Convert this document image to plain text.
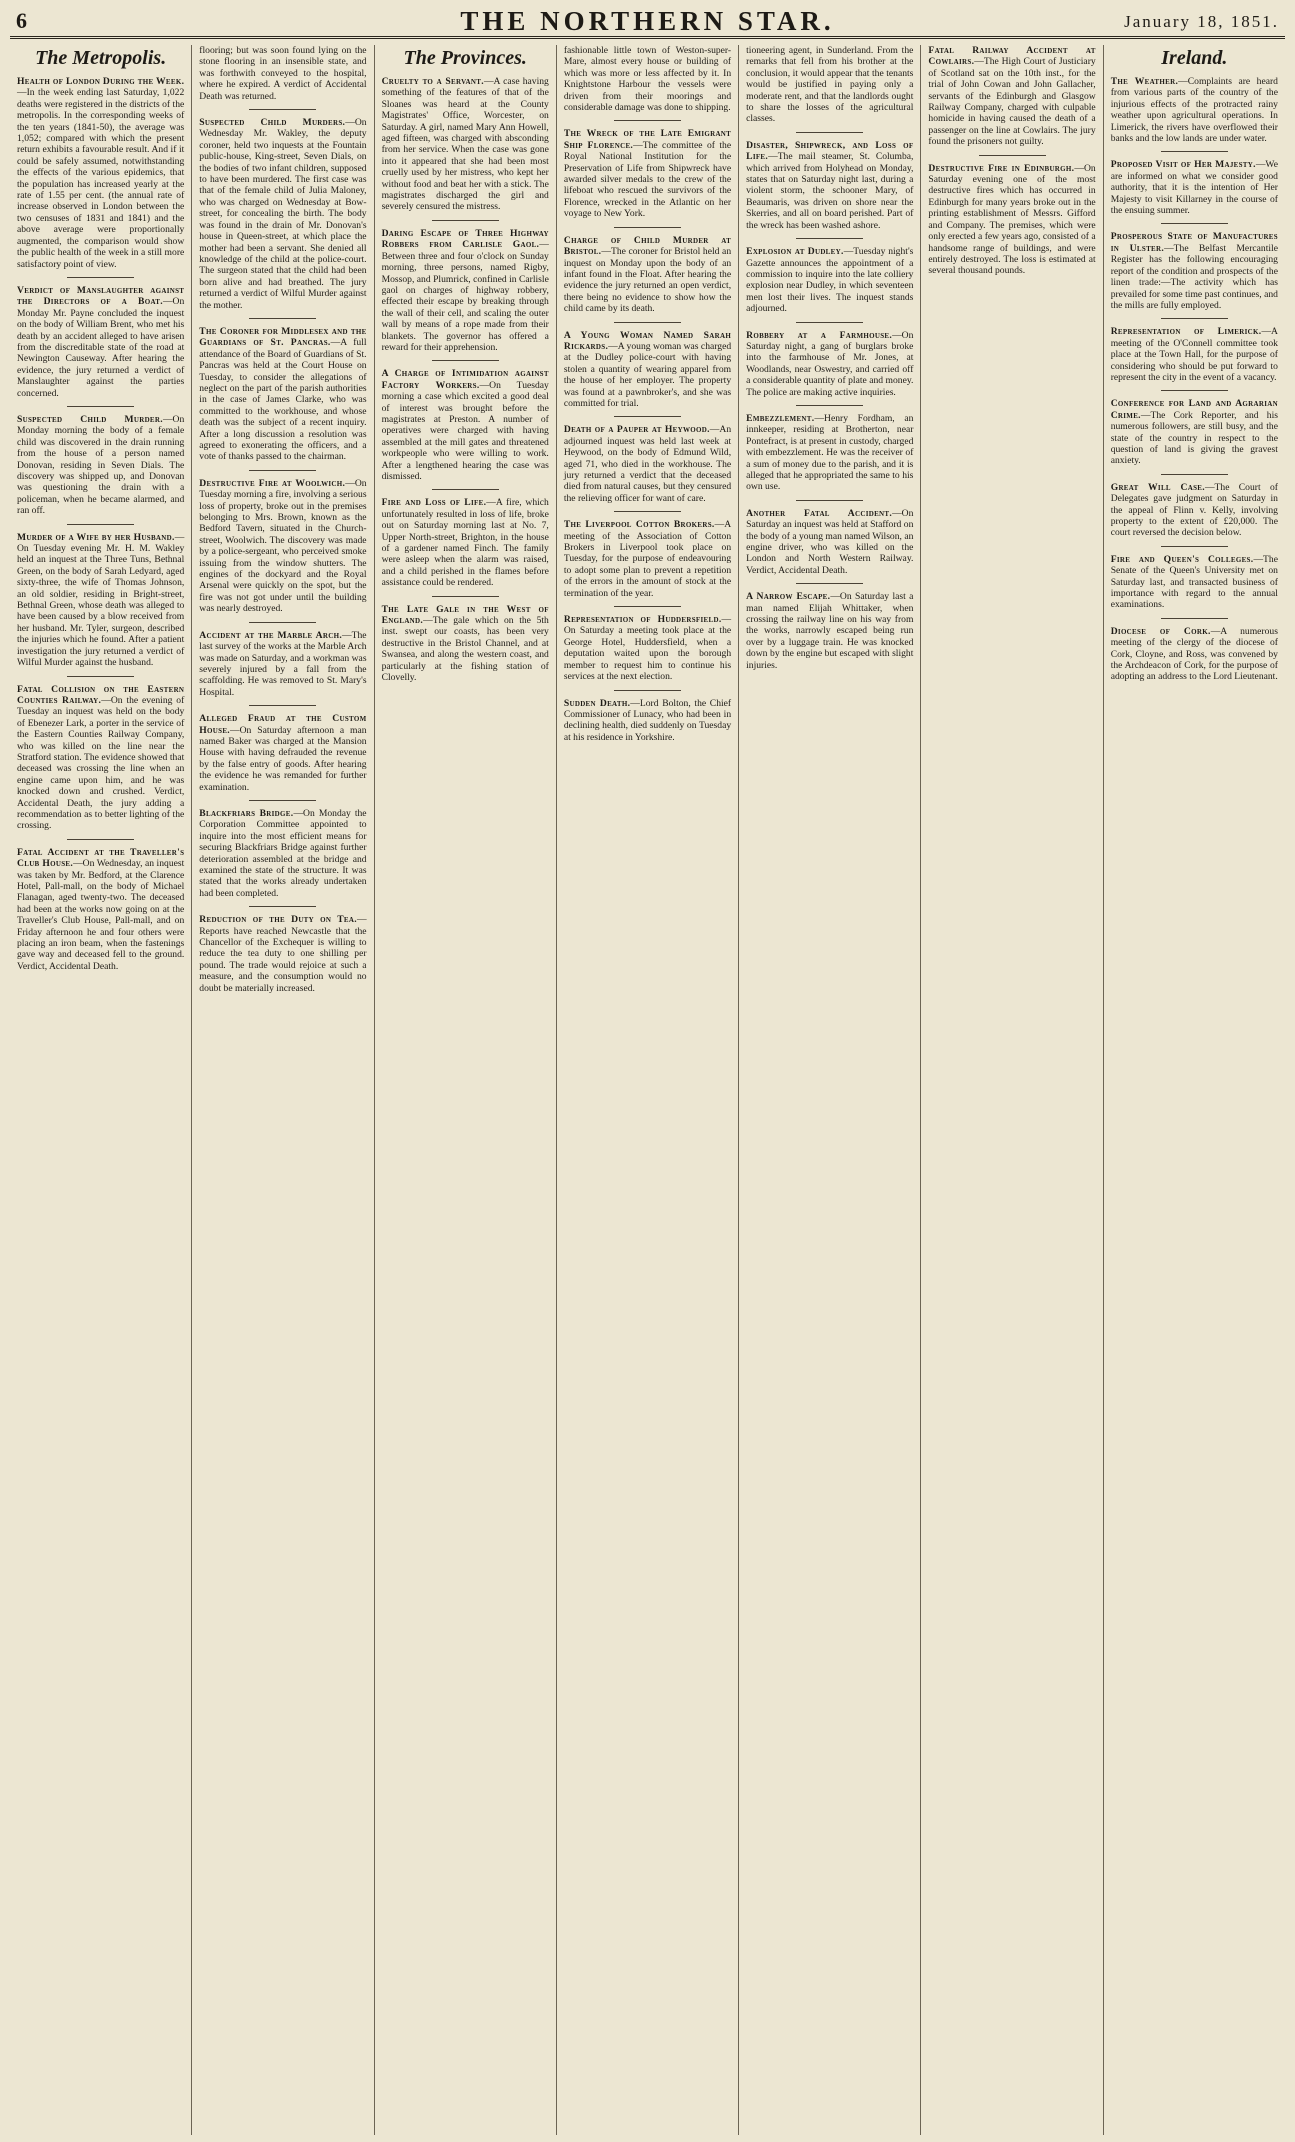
6	THE NORTHERN STAR.	January 18, 1851.
The Metropolis.

Health of London During the Week.—In the week ending last Saturday, 1,022 deaths were registered in the districts of the metropolis. In the corresponding weeks of the ten years (1841-50), the average was 1,052; compared with which the present return exhibits a favourable result. And if it could be safely assumed, notwithstanding the effects of the various epidemics, that the population has increased yearly at the rate of 1.55 per cent. (the annual rate of increase observed in London between the two censuses of 1831 and 1841) and the above average were proportionally augmented, the comparison would show the public health of the week in a still more satisfactory point of view.

Verdict of Manslaughter against the Directors of a Boat.—On Monday Mr. Payne concluded the inquest on the body of William Brent, who met his death by an accident alleged to have arisen from the discreditable state of the road at Newington Causeway. After hearing the evidence, the jury returned a verdict of Manslaughter against the parties concerned.

Suspected Child Murder.—On Monday morning the body of a female child was discovered in the drain running from the house of a person named Donovan, residing in Seven Dials. The discovery was shipped up, and Donovan was questioning the drain with a policeman, when he became alarmed, and ran off.

Murder of a Wife by her Husband.—On Tuesday evening Mr. H. M. Wakley held an inquest at the Three Tuns, Bethnal Green, on the body of Sarah Ledyard, aged sixty-three, the wife of Thomas Johnson, an old soldier, residing in Bright-street, Bethnal Green, whose death was alleged to have been caused by a blow received from her husband. Mr. Tyler, surgeon, described the injuries which he found. After a patient investigation the jury returned a verdict of Wilful Murder against the husband.

Fatal Collision on the Eastern Counties Railway.—On the evening of Tuesday an inquest was held on the body of Ebenezer Lark, a porter in the service of the Eastern Counties Railway Company, who was killed on the line near the Stratford station. The evidence showed that deceased was crossing the line when an engine came upon him, and he was knocked down and crushed. Verdict, Accidental Death, the jury adding a recommendation as to better lighting of the crossing.

Fatal Accident at the Traveller's Club House.—On Wednesday, an inquest was taken by Mr. Bedford, at the Clarence Hotel, Pall-mall, on the body of Michael Flanagan, aged twenty-two. The deceased had been at the works now going on at the Traveller's Club House, Pall-mall, and on Friday afternoon he and four others were placing an iron beam, when the fastenings gave way and deceased fell to the ground. Verdict, Accidental Death.

flooring; but was soon found lying on the stone flooring in an insensible state, and was forthwith conveyed to the hospital, where he expired. A verdict of Accidental Death was returned.

Suspected Child Murders.—On Wednesday Mr. Wakley, the deputy coroner, held two inquests at the Fountain public-house, King-street, Seven Dials, on the bodies of two infant children, supposed to have been murdered. The first case was that of the female child of Julia Maloney, who was charged on Wednesday at Bow-street, for concealing the birth. The body was found in the drain of Mr. Donovan's house in Queen-street, at which place the mother had been a servant. She denied all knowledge of the child at the police-court. The surgeon stated that the child had been born alive and had breathed. The jury returned a verdict of Wilful Murder against the mother.

The Coroner for Middlesex and the Guardians of St. Pancras.—A full attendance of the Board of Guardians of St. Pancras was held at the Court House on Tuesday, to consider the allegations of neglect on the part of the parish authorities in the case of James Clarke, who was committed to the workhouse, and whose death was the subject of a recent inquiry. After a long discussion a resolution was agreed to exonerating the officers, and a vote of thanks passed to the chairman.

Destructive Fire at Woolwich.—On Tuesday morning a fire, involving a serious loss of property, broke out in the premises belonging to Mrs. Brown, known as the Bedford Tavern, situated in the Church-street, Woolwich. The discovery was made by a police-sergeant, who perceived smoke issuing from the window shutters. The engines of the dockyard and the Royal Arsenal were quickly on the spot, but the fire was not got under until the building was nearly destroyed.

Accident at the Marble Arch.—The last survey of the works at the Marble Arch was made on Saturday, and a workman was severely injured by a fall from the scaffolding. He was removed to St. Mary's Hospital.

Alleged Fraud at the Custom House.—On Saturday afternoon a man named Baker was charged at the Mansion House with having defrauded the revenue by the false entry of goods. After hearing the evidence he was remanded for further examination.

Blackfriars Bridge.—On Monday the Corporation Committee appointed to inquire into the most efficient means for securing Blackfriars Bridge against further deterioration assembled at the bridge and examined the state of the structure. It was stated that the works already undertaken had been completed.

Reduction of the Duty on Tea.—Reports have reached Newcastle that the Chancellor of the Exchequer is willing to reduce the tea duty to one shilling per pound. The trade would rejoice at such a measure, and the consumption would no doubt be materially increased.

The Provinces.

Cruelty to a Servant.—A case having something of the features of that of the Sloanes was heard at the County Magistrates' Office, Worcester, on Saturday. A girl, named Mary Ann Howell, aged fifteen, was charged with absconding from her service. When the case was gone into it appeared that she had been most cruelly used by her mistress, who kept her without food and beat her with a stick. The magistrates discharged the girl and severely censured the mistress.

Daring Escape of Three Highway Robbers from Carlisle Gaol.—Between three and four o'clock on Sunday morning, three persons, named Rigby, Mossop, and Plumrick, confined in Carlisle gaol on charges of highway robbery, effected their escape by breaking through the wall of their cell, and scaling the outer wall by means of a rope made from their blankets. The governor has offered a reward for their apprehension.

A Charge of Intimidation against Factory Workers.—On Tuesday morning a case which excited a good deal of interest was brought before the magistrates at Preston. A number of operatives were charged with having assembled at the mill gates and threatened workpeople who were willing to work. After a lengthened hearing the case was dismissed.

Fire and Loss of Life.—A fire, which unfortunately resulted in loss of life, broke out on Saturday morning last at No. 7, Upper North-street, Brighton, in the house of a gardener named Finch. The family were asleep when the alarm was raised, and a child perished in the flames before assistance could be rendered.

The Late Gale in the West of England.—The gale which on the 5th inst. swept our coasts, has been very destructive in the Bristol Channel, and at Swansea, and along the western coast, and particularly at the fishing station of Clovelly.

fashionable little town of Weston-super-Mare, almost every house or building of which was more or less affected by it. In Knightstone Harbour the vessels were driven from their moorings and considerable damage was done to shipping.

The Wreck of the Late Emigrant Ship Florence.—The committee of the Royal National Institution for the Preservation of Life from Shipwreck have awarded silver medals to the crew of the lifeboat who rescued the survivors of the Florence, wrecked in the Atlantic on her voyage to New York.

Charge of Child Murder at Bristol.—The coroner for Bristol held an inquest on Monday upon the body of an infant found in the Float. After hearing the evidence the jury returned an open verdict, there being no evidence to show how the child came by its death.

A Young Woman Named Sarah Rickards.—A young woman was charged at the Dudley police-court with having stolen a quantity of wearing apparel from the house of her employer. The property was found at a pawnbroker's, and she was committed for trial.

Death of a Pauper at Heywood.—An adjourned inquest was held last week at Heywood, on the body of Edmund Wild, aged 71, who died in the workhouse. The jury returned a verdict that the deceased died from natural causes, but they censured the relieving officer for want of care.

The Liverpool Cotton Brokers.—A meeting of the Association of Cotton Brokers in Liverpool took place on Tuesday, for the purpose of endeavouring to adopt some plan to prevent a repetition of the errors in the amount of stock at the termination of the year.

Representation of Huddersfield.—On Saturday a meeting took place at the George Hotel, Huddersfield, when a deputation waited upon the borough member to request him to continue his services at the next election.

Sudden Death.—Lord Bolton, the Chief Commissioner of Lunacy, who had been in declining health, died suddenly on Tuesday at his residence in Yorkshire.

tioneering agent, in Sunderland. From the remarks that fell from his brother at the conclusion, it would appear that the tenants would be justified in paying only a moderate rent, and that the landlords ought to share the losses of the agricultural classes.

Disaster, Shipwreck, and Loss of Life.—The mail steamer, St. Columba, which arrived from Holyhead on Monday, states that on Saturday night last, during a violent storm, the schooner Mary, of Beaumaris, was driven on shore near the Skerries, and all on board perished. Part of the wreck has been washed ashore.

Explosion at Dudley.—Tuesday night's Gazette announces the appointment of a commission to inquire into the late colliery explosion near Dudley, in which seventeen men lost their lives. The inquest stands adjourned.

Robbery at a Farmhouse.—On Saturday night, a gang of burglars broke into the farmhouse of Mr. Jones, at Woodlands, near Oswestry, and carried off a considerable quantity of plate and money. The police are making active inquiries.

Embezzlement.—Henry Fordham, an innkeeper, residing at Brotherton, near Pontefract, is at present in custody, charged with embezzlement. He was the receiver of a sum of money due to the parish, and it is alleged that he appropriated the same to his own use.

Another Fatal Accident.—On Saturday an inquest was held at Stafford on the body of a young man named Wilson, an engine driver, who was killed on the London and North Western Railway. Verdict, Accidental Death.

A Narrow Escape.—On Saturday last a man named Elijah Whittaker, when crossing the railway line on his way from the works, narrowly escaped being run over by a luggage train. He was knocked down by the engine but escaped with slight injuries.

Fatal Railway Accident at Cowlairs.—The High Court of Justiciary of Scotland sat on the 10th inst., for the trial of John Cowan and John Gallacher, servants of the Edinburgh and Glasgow Railway Company, charged with culpable homicide in having caused the death of a passenger on the line at Cowlairs. The jury found the prisoners not guilty.

Destructive Fire in Edinburgh.—On Saturday evening one of the most destructive fires which has occurred in Edinburgh for many years broke out in the printing establishment of Messrs. Gifford and Company. The premises, which were only erected a few years ago, consisted of a handsome range of buildings, and were entirely destroyed. The loss is estimated at several thousand pounds.

Ireland.

The Weather.—Complaints are heard from various parts of the country of the injurious effects of the protracted rainy weather upon agricultural operations. In Limerick, the rivers have overflowed their banks and the low lands are under water.

Proposed Visit of Her Majesty.—We are informed on what we consider good authority, that it is the intention of Her Majesty to visit Killarney in the course of the ensuing summer.

Prosperous State of Manufactures in Ulster.—The Belfast Mercantile Register has the following encouraging report of the condition and prospects of the linen trade:—The activity which has prevailed for some time past continues, and the mills are fully employed.

Representation of Limerick.—A meeting of the O'Connell committee took place at the Town Hall, for the purpose of considering who should be put forward to represent the city in the event of a vacancy.

Conference for Land and Agrarian Crime.—The Cork Reporter, and his numerous followers, are still busy, and the state of the country in respect to the question of land is giving the gravest anxiety.

Great Will Case.—The Court of Delegates gave judgment on Saturday in the appeal of Flinn v. Kelly, involving property to the extent of £20,000. The court reversed the decision below.

Fire and Queen's Colleges.—The Senate of the Queen's University met on Saturday last, and transacted business of importance with regard to the annual examinations.

Diocese of Cork.—A numerous meeting of the clergy of the diocese of Cork, Cloyne, and Ross, was convened by the Archdeacon of Cork, for the purpose of adopting an address to the Lord Lieutenant.
